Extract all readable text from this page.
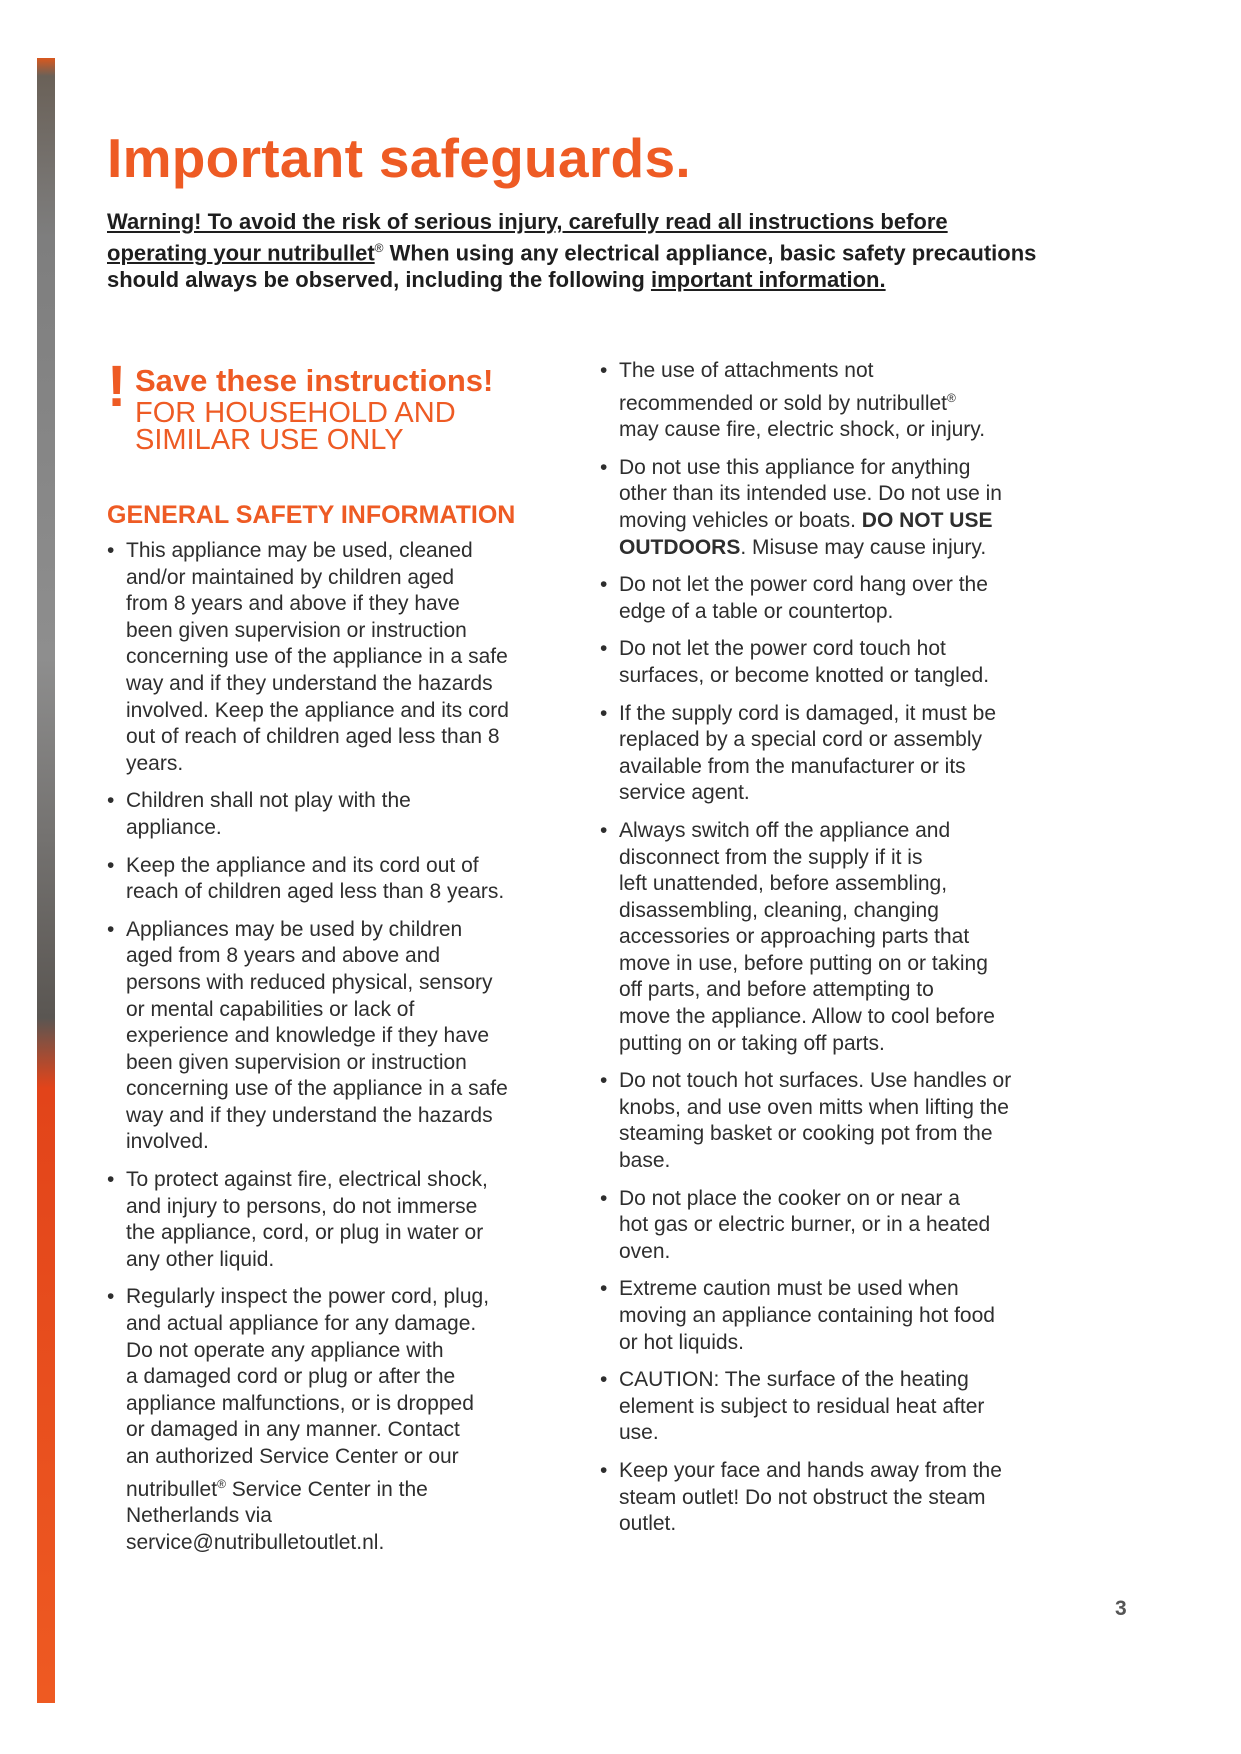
Important safeguards.

Warning! To avoid the risk of serious injury, carefully read all instructions before
operating your nutribullet® When using any electrical appliance, basic safety precautions should always be observed, including the following important information.

! Save these instructions!

FOR HOUSEHOLD AND
SIMILAR USE ONLY

GENERAL SAFETY INFORMATION
• This appliance may be used, cleaned
and/or maintained by children aged
from 8 years and above if they have
been given supervision or instruction
concerning use of the appliance in a safe
way and if they understand the hazards
involved. Keep the appliance and its cord
out of reach of children aged less than 8
years.
• Children shall not play with the
appliance.
• Keep the appliance and its cord out of
reach of children aged less than 8 years.
• Appliances may be used by children
aged from 8 years and above and
persons with reduced physical, sensory
or mental capabilities or lack of
experience and knowledge if they have
been given supervision or instruction
concerning use of the appliance in a safe
way and if they understand the hazards
involved.
• To protect against fire, electrical shock,
and injury to persons, do not immerse
the appliance, cord, or plug in water or
any other liquid.
• Regularly inspect the power cord, plug,
and actual appliance for any damage.
Do not operate any appliance with
a damaged cord or plug or after the
appliance malfunctions, or is dropped
or damaged in any manner. Contact
an authorized Service Center or our
nutribullet® Service Center in the
Netherlands via
service@nutribulletoutlet.nl.
• The use of attachments not
recommended or sold by nutribullet®
may cause fire, electric shock, or injury.
• Do not use this appliance for anything
other than its intended use. Do not use in
moving vehicles or boats. DO NOT USE
OUTDOORS. Misuse may cause injury.
• Do not let the power cord hang over the
edge of a table or countertop.
• Do not let the power cord touch hot
surfaces, or become knotted or tangled.
• If the supply cord is damaged, it must be
replaced by a special cord or assembly
available from the manufacturer or its
service agent.
• Always switch off the appliance and
disconnect from the supply if it is
left unattended, before assembling,
disassembling, cleaning, changing
accessories or approaching parts that
move in use, before putting on or taking
off parts, and before attempting to
move the appliance. Allow to cool before
putting on or taking off parts.
• Do not touch hot surfaces. Use handles or
knobs, and use oven mitts when lifting the
steaming basket or cooking pot from the
base.
• Do not place the cooker on or near a
hot gas or electric burner, or in a heated
oven.
• Extreme caution must be used when
moving an appliance containing hot food
or hot liquids.
• CAUTION: The surface of the heating
element is subject to residual heat after
use.
• Keep your face and hands away from the
steam outlet! Do not obstruct the steam
outlet.
3
